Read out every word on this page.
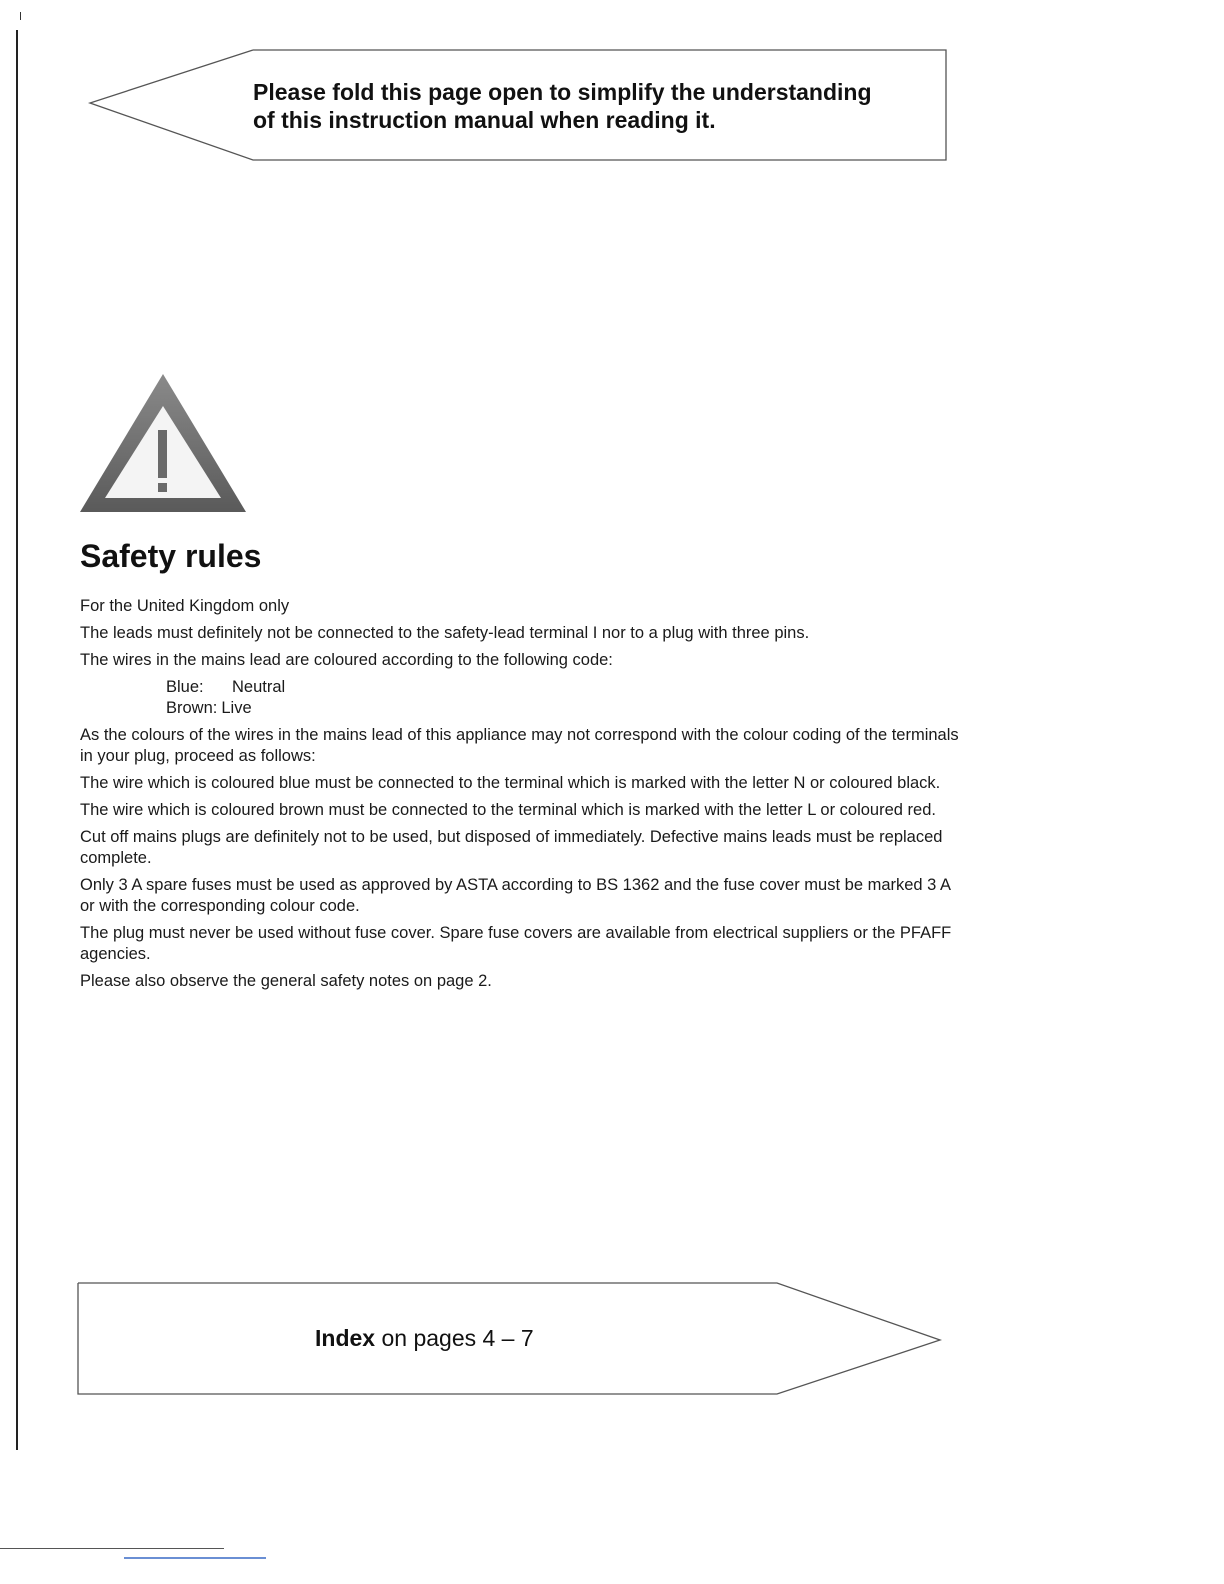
Please fold this page open to simplify the understanding
of this instruction manual when reading it.
Safety rules

For the United Kingdom only

The leads must definitely not be connected to the safety-lead terminal I nor to a plug with three pins.

The wires in the mains lead are coloured according to the following code:

Blue:	Neutral
Brown: Live

As the colours of the wires in the mains lead of this appliance may not correspond with the colour coding of the terminals in your plug, proceed as follows:

The wire which is coloured blue must be connected to the terminal which is marked with the letter N or coloured black.

The wire which is coloured brown must be connected to the terminal which is marked with the letter L or coloured red.

Cut off mains plugs are definitely not to be used, but disposed of immediately. Defective mains leads must be replaced complete.

Only 3 A spare fuses must be used as approved by ASTA according to BS 1362 and the fuse cover must be marked 3 A or with the corresponding colour code.

The plug must never be used without fuse cover. Spare fuse covers are available from electrical suppliers or the PFAFF agencies.

Please also observe the general safety notes on page 2.

Index on pages 4 – 7
